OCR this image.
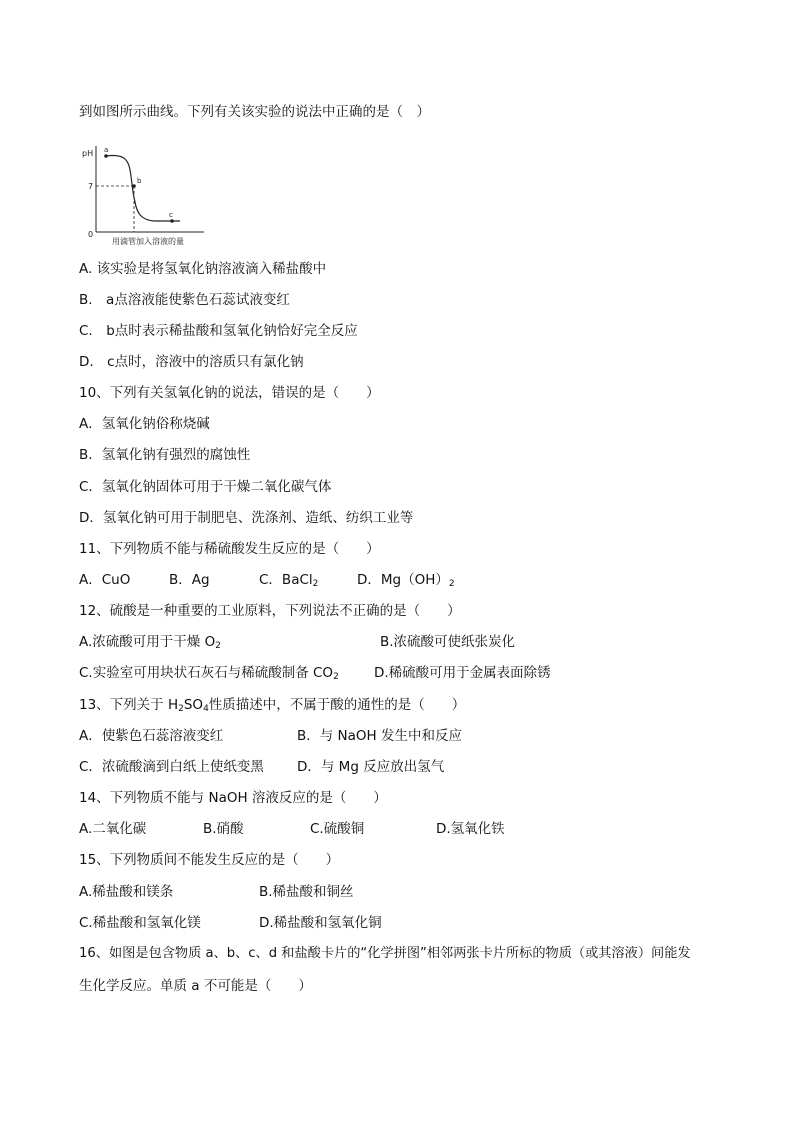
到如图所示曲线。下列有关该实验的说法中正确的是（　）
pH
7
0
a
b
c
用滴管加入溶液的量
A. 该实验是将氢氧化钠溶液滴入稀盐酸中
B.　a点溶液能使紫色石蕊试液变红
C.　b点时表示稀盐酸和氢氧化钠恰好完全反应
D.　c点时，溶液中的溶质只有氯化钠
10、下列有关氢氧化钠的说法，错误的是（　　）
A．氢氧化钠俗称烧碱
B．氢氧化钠有强烈的腐蚀性
C．氢氧化钠固体可用于干燥二氧化碳气体
D．氢氧化钠可用于制肥皂、洗涤剂、造纸、纺织工业等
11、下列物质不能与稀硫酸发生反应的是（　　）
A．CuO	B．Ag	C．BaCl$_2$	D．$Mg(OH)_2$
12、硫酸是一种重要的工业原料，下列说法不正确的是（　　）
A.浓硫酸可用于干燥 $O_2$	B.浓硫酸可使纸张炭化
C.实验室可用块状石灰石与稀硫酸制备 $CO_2$	D.稀硫酸可用于金属表面除锈
13、下列关于 $H_2SO_4$性质描述中，不属于酸的通性的是（　　）
A．使紫色石蕊溶液变红	B．与 NaOH 发生中和反应
C．浓硫酸滴到白纸上使纸变黑 D．与 Mg 反应放出氢气
14、下列物质不能与 NaOH 溶液反应的是（　　）
A.二氧化碳	B.硝酸	C.硫酸铜	D.氢氧化铁
15、下列物质间不能发生反应的是（　　）
A.稀盐酸和镁条	B.稀盐酸和铜丝
C.稀盐酸和氢氧化镁	D.稀盐酸和氢氧化铜
16、如图是包含物质 a、b、c、d 和盐酸卡片的“化学拼图”相邻两张卡片所标的物质（或其溶液）间能发
生化学反应。单质 a 不可能是（　　）
